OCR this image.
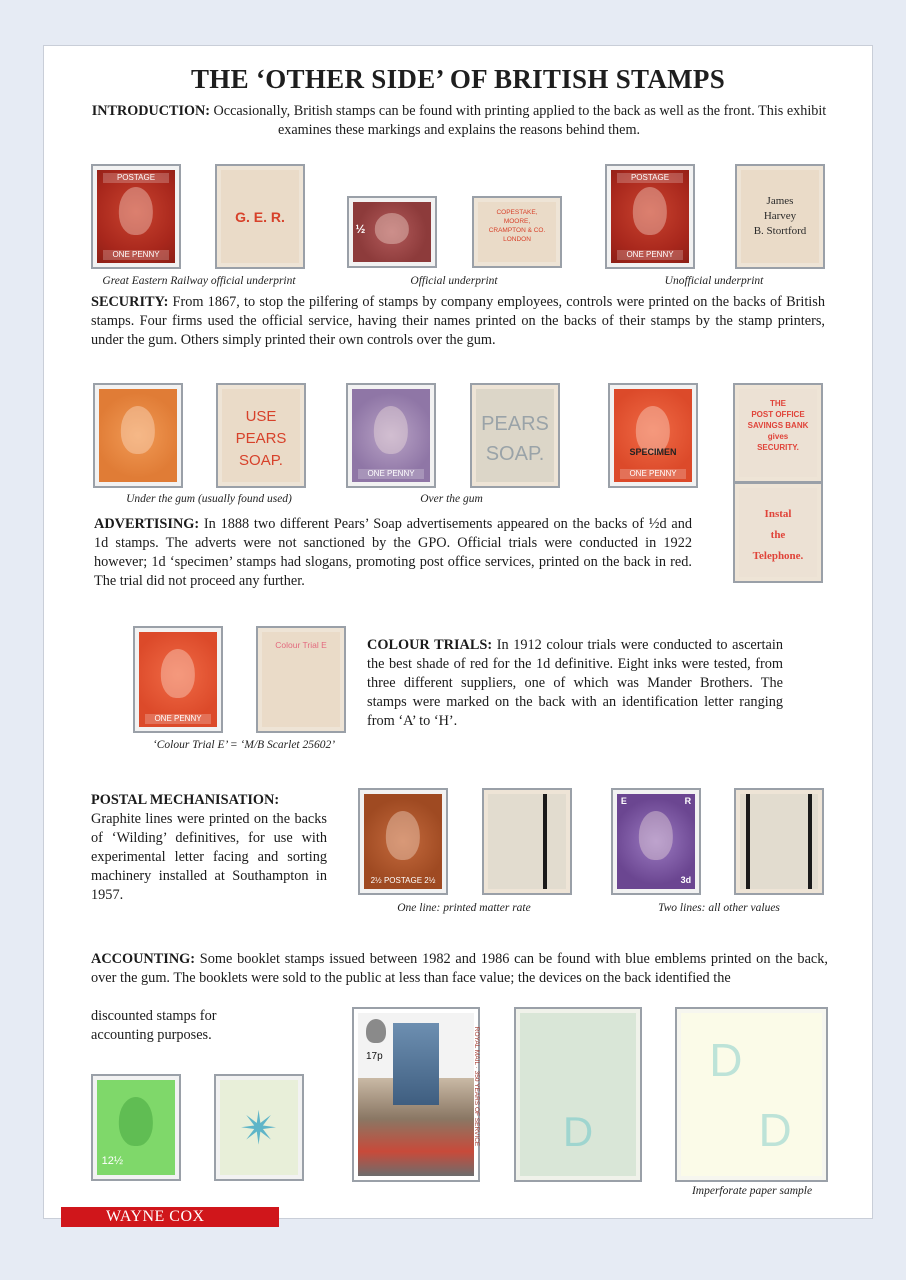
THE ‘OTHER SIDE’ OF BRITISH STAMPS
INTRODUCTION: Occasionally, British stamps can be found with printing applied to the back as well as the front. This exhibit examines these markings and explains the reasons behind them.
POSTAGE
ONE PENNY
G. E. R.
½
COPESTAKE,
MOORE,
CRAMPTON & CO.
LONDON
POSTAGE
ONE PENNY
James
Harvey
B. Stortford
Great Eastern Railway official underprint	Official underprint	Unofficial underprint
SECURITY: From 1867, to stop the pilfering of stamps by company employees, controls were printed on the backs of British stamps. Four firms used the official service, having their names printed on the backs of their stamps by the stamp printers, under the gum. Others simply printed their own controls over the gum.
USE
PEARS
SOAP.
ONE PENNY
PEARS
SOAP.	SPECIMEN
ONE PENNY
THE
POST OFFICE
SAVINGS BANK
gives
SECURITY.
Instal
the
Telephone.
Under the gum (usually found used)	Over the gum
ADVERTISING: In 1888 two different Pears’ Soap advertisements appeared on the backs of ½d and 1d stamps. The adverts were not sanctioned by the GPO. Official trials were conducted in 1922 however; 1d ‘specimen’ stamps had slogans, promoting post office services, printed on the back in red. The trial did not proceed any further.
ONE PENNY
Colour Trial E
‘Colour Trial E’ = ‘M/B Scarlet 25602’
COLOUR TRIALS: In 1912 colour trials were conducted to ascertain the best shade of red for the 1d definitive. Eight inks were tested, from three different suppliers, one of which was Mander Brothers. The stamps were marked on the back with an identification letter ranging from ‘A’ to ‘H’.
POSTAL MECHANISATION:
Graphite lines were printed on the backs of ‘Wilding’ definitives, for use with experimental letter facing and sorting machinery installed at Southampton in 1957.
2½ POSTAGE 2½
E	R
3d
One line: printed matter rate	Two lines: all other values
ACCOUNTING: Some booklet stamps issued between 1982 and 1986 can be found with blue emblems printed on the back, over the gum. The booklets were sold to the public at less than face value; the devices on the back identified the
discounted stamps for
accounting purposes.
12½
✴
17p	ROYAL MAIL · 350 YEARS OF SERVICE	D
D
D
Imperforate paper sample
WAYNE COX
